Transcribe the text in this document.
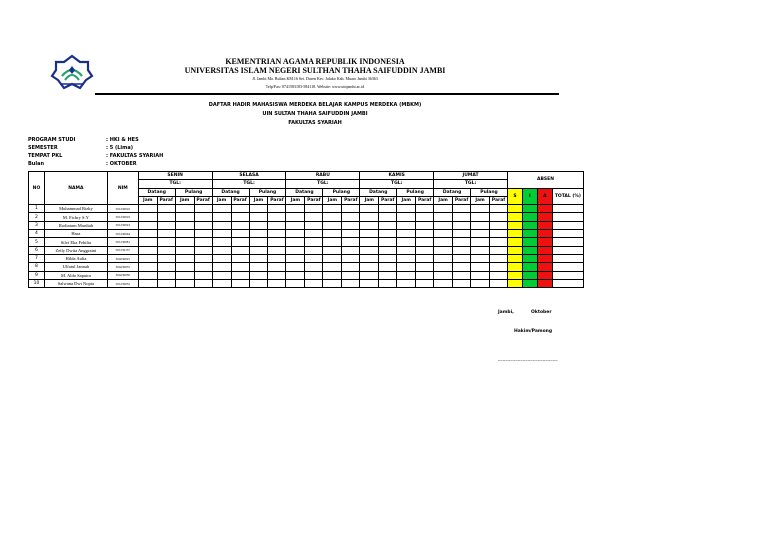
KEMENTRIAN AGAMA REPUBLIK INDONESIA
UNIVERSITAS ISLAM NEGERI SULTHAN THAHA SAIFUDDIN JAMBI
Jl. Jambi Ma. Bulian KM.16 Sei. Duren Kec. Jaluko Kab. Muaro Jambi 36363
Telp/Fax: 0741583183-584118. Website: www.uinjambi.ac.id
DAFTAR HADIR MAHASISWA MERDEKA BELAJAR KAMPUS MERDEKA (MBKM)
UIN SULTAN THAHA SAIFUDDIN JAMBI
FAKULTAS SYARIAH
PROGRAM STUDI	: HKI & HES
SEMESTER	: 5 (Lima)
TEMPAT PKL	: FAKULTAS SYARIAH
Bulan	: OKTOBER
NO	NAMA	NIM	SENIN				SELASA				RABU				KAMIS				JUMAT				ABSEN			
			TGL:				TGL:				TGL:				TGL:				TGL:							
			Datang		Pulang		Datang		Pulang		Datang		Pulang		Datang		Pulang		Datang		Pulang		S	I	A	TOTAL (%)
			Jam	Paraf	Jam	Paraf	Jam	Paraf	Jam	Paraf	Jam	Paraf	Jam	Paraf	Jam	Paraf	Jam	Paraf	Jam	Paraf	Jam	Paraf				
1	Muhammad Rizky	501230010																								
2	M. Fichry S.Y	501230019																								
3	Rodiatum Mardiah	501230023																								
4	Hasa	501230064																								
5	Silvi Eka Febilia	501230081																								
6	Zetly Dwita Anggraini	501230137																								
7	Hilda Aulia	304230025																								
8	Ulfatul Jannah	304230035																								
9	M. Aldo Saputra	304230050																								
10	Salwana Dwi Nopia	501230052																								
Jambi,	Oktober
Hakim/Pamong
________________________
